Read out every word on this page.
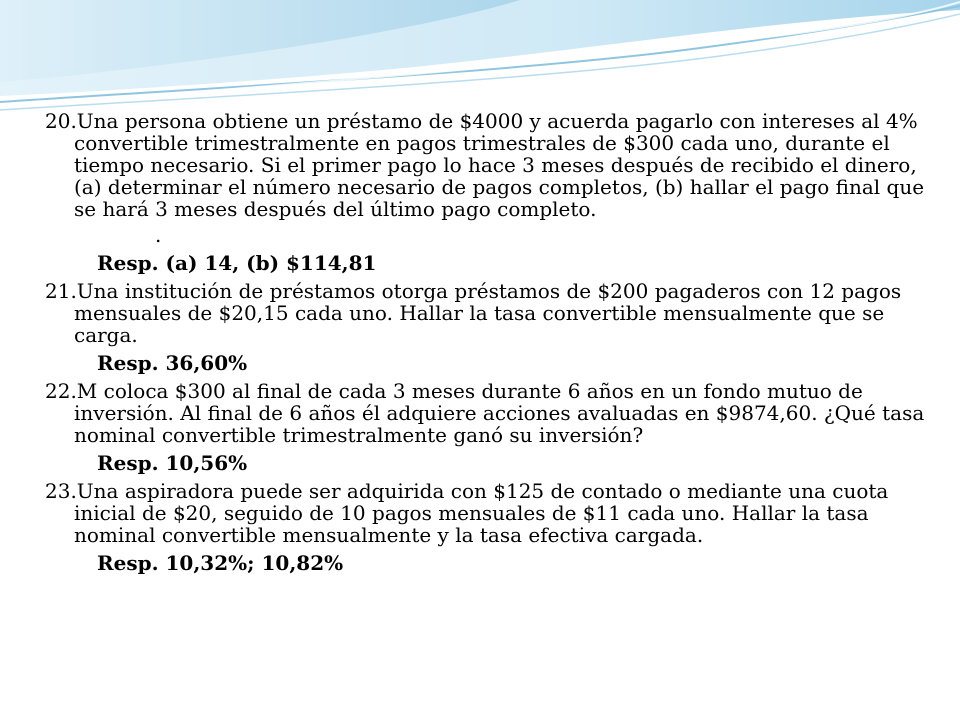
20.Una persona obtiene un préstamo de $4000 y acuerda pagarlo con intereses al 4% convertible trimestralmente en pagos trimestrales de $300 cada uno, durante el tiempo necesario. Si el primer pago lo hace 3 meses después de recibido el dinero, (a) determinar el número necesario de pagos completos, (b) hallar el pago final que se hará 3 meses después del último pago completo.

.
Resp. (a) 14, (b) $114,81

21.Una institución de préstamos otorga préstamos de $200 pagaderos con 12 pagos mensuales de $20,15 cada uno. Hallar la tasa convertible mensualmente que se carga.

Resp. 36,60%

22.M coloca $300 al final de cada 3 meses durante 6 años en un fondo mutuo de inversión. Al final de 6 años él adquiere acciones avaluadas en $9874,60. ¿Qué tasa nominal convertible trimestralmente ganó su inversión?

Resp. 10,56%

23.Una aspiradora puede ser adquirida con $125 de contado o mediante una cuota inicial de $20, seguido de 10 pagos mensuales de $11 cada uno. Hallar la tasa nominal convertible mensualmente y la tasa efectiva cargada.

Resp. 10,32%; 10,82%
